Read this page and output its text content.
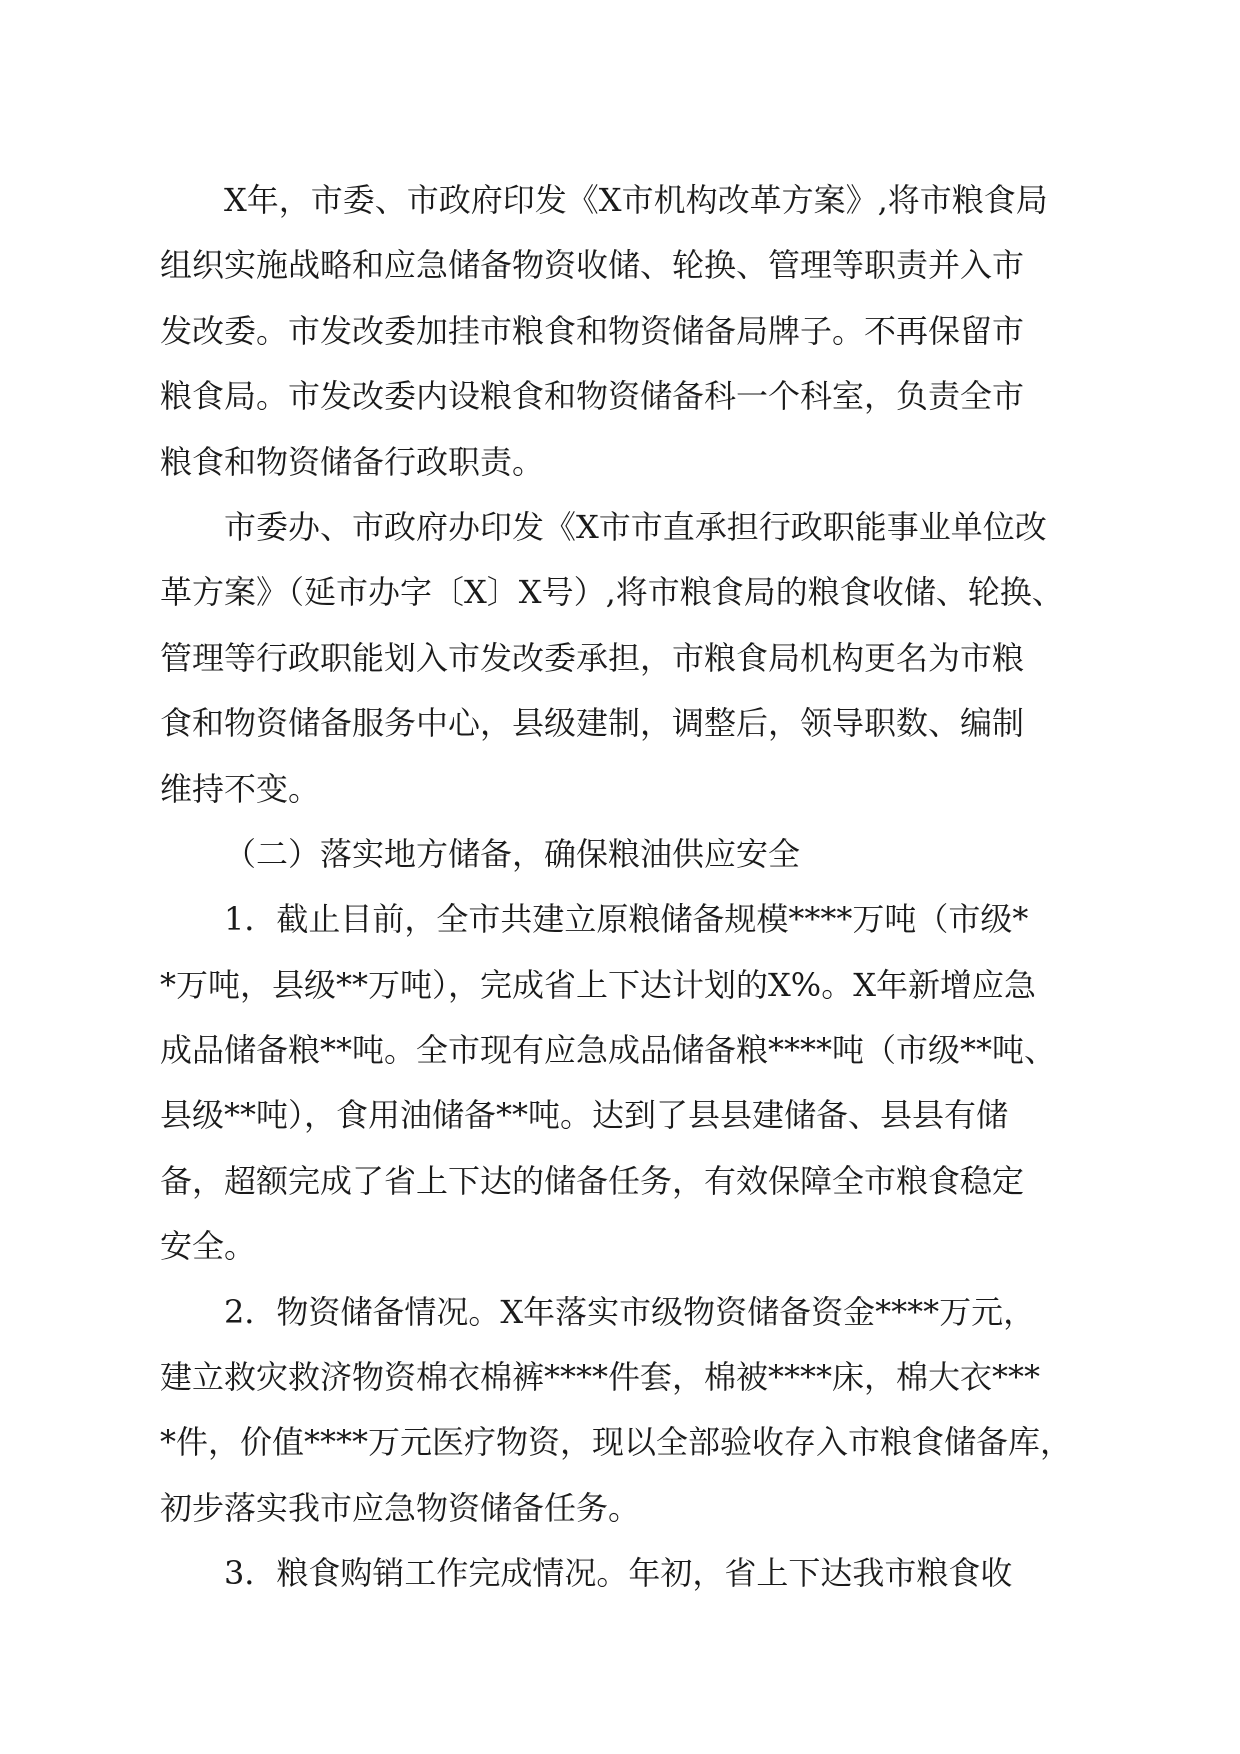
X年，市委、市政府印发《X市机构改革方案》,将市粮食局
组织实施战略和应急储备物资收储、轮换、管理等职责并入市
发改委。市发改委加挂市粮食和物资储备局牌子。不再保留市
粮食局。市发改委内设粮食和物资储备科一个科室，负责全市
粮食和物资储备行政职责。
市委办、市政府办印发《X市市直承担行政职能事业单位改
革方案》（延市办字〔X〕X号）,将市粮食局的粮食收储、轮换、
管理等行政职能划入市发改委承担，市粮食局机构更名为市粮
食和物资储备服务中心，县级建制，调整后，领导职数、编制
维持不变。
（二）落实地方储备，确保粮油供应安全
1．截止目前，全市共建立原粮储备规模****万吨（市级*
*万吨，县级**万吨），完成省上下达计划的X%。X年新增应急
成品储备粮**吨。全市现有应急成品储备粮****吨（市级**吨、
县级**吨），食用油储备**吨。达到了县县建储备、县县有储
备，超额完成了省上下达的储备任务，有效保障全市粮食稳定
安全。
2．物资储备情况。X年落实市级物资储备资金****万元，
建立救灾救济物资棉衣棉裤****件套，棉被****床，棉大衣***
*件，价值****万元医疗物资，现以全部验收存入市粮食储备库，
初步落实我市应急物资储备任务。
3．粮食购销工作完成情况。年初，省上下达我市粮食收
